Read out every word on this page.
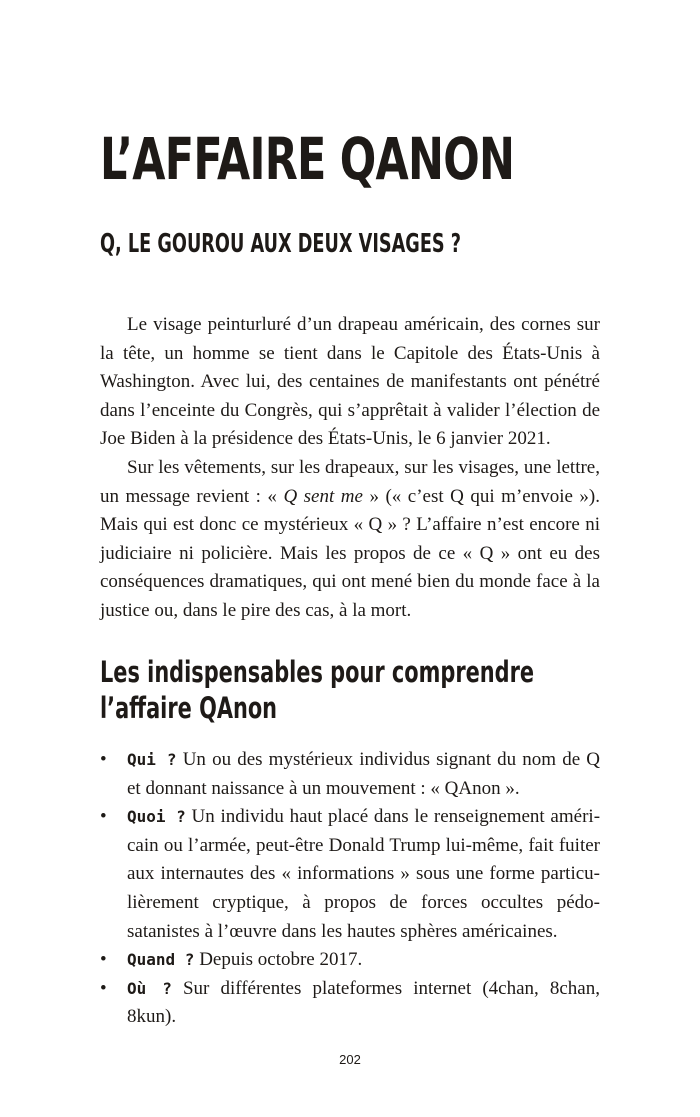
L’AFFAIRE QANON
Q, LE GOUROU AUX DEUX VISAGES ?

Le visage peinturluré d’un drapeau américain, des cornes sur la tête, un homme se tient dans le Capitole des États-Unis à Washington. Avec lui, des centaines de manifestants ont pénétré dans l’enceinte du Congrès, qui s’apprêtait à valider l’élection de Joe Biden à la présidence des États-Unis, le 6 janvier 2021.

Sur les vêtements, sur les drapeaux, sur les visages, une lettre, un message revient : « Q sent me » (« c’est Q qui m’envoie »). Mais qui est donc ce mystérieux « Q » ? L’affaire n’est encore ni judiciaire ni policière. Mais les propos de ce « Q » ont eu des conséquences dramatiques, qui ont mené bien du monde face à la justice ou, dans le pire des cas, à la mort.

Les indispensables pour comprendre
l’affaire QAnon
• Qui ? Un ou des mystérieux individus signant du nom de Q et donnant naissance à un mouvement : « QAnon ».
• Quoi ? Un individu haut placé dans le renseignement américain ou l’armée, peut-être Donald Trump lui-même, fait fuiter aux internautes des « informations » sous une forme particulièrement cryptique, à propos de forces occultes pédosatanistes à l’œuvre dans les hautes sphères américaines.
• Quand ? Depuis octobre 2017.
• Où ? Sur différentes plateformes internet (4chan, 8chan, 8kun).
202
